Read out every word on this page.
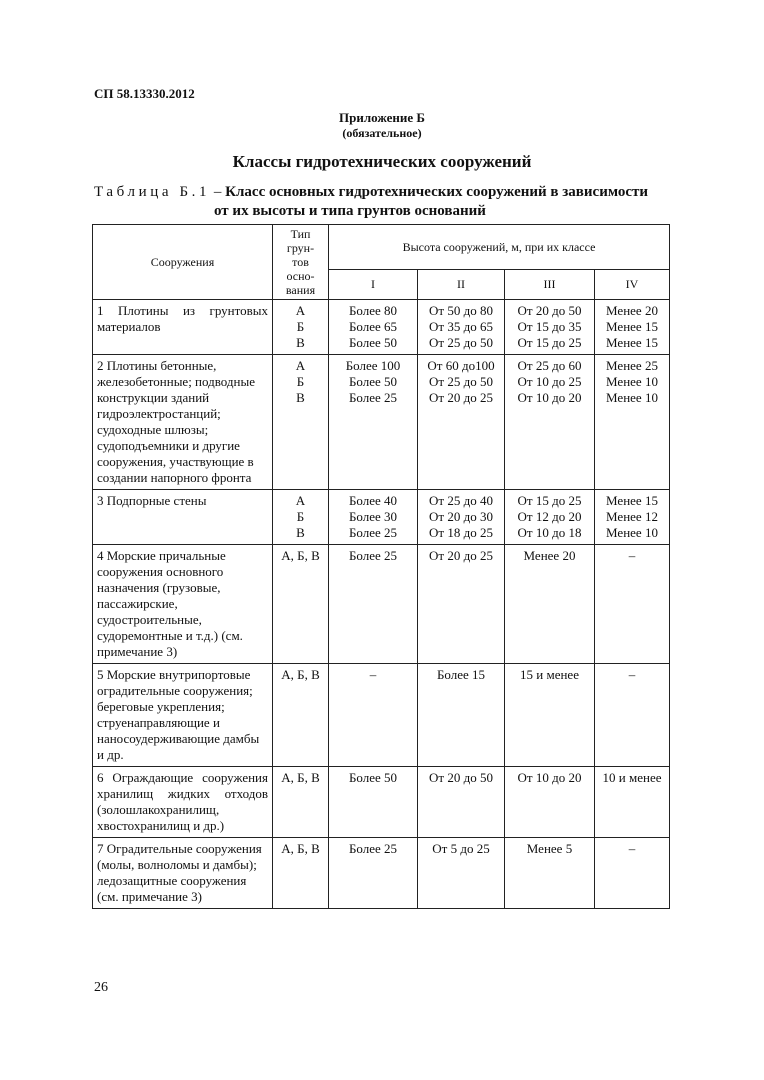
СП 58.13330.2012
Приложение Б
(обязательное)
Классы гидротехнических сооружений
Таблица Б.1 – Класс основных гидротехнических сооружений в зависимости
от их высоты и типа грунтов оснований
Сооружения	Тип грун-тов осно-вания	Высота сооружений, м, при их классе			
		I	II	III	IV
1 Плотины из грунтовых материалов	А
Б
В	Более 80
Более 65
Более 50	От 50 до 80
От 35 до 65
От 25 до 50	От 20 до 50
От 15 до 35
От 15 до 25	Менее 20
Менее 15
Менее 15
2 Плотины бетонные, железобетонные; подводные конструкции зданий гидроэлектростанций; судоходные шлюзы; судоподъемники и другие сооружения, участвующие в создании напорного фронта	А
Б
В	Более 100
Более 50
Более 25	От 60 до100
От 25 до 50
От 20 до 25	От 25 до 60
От 10 до 25
От 10 до 20	Менее 25
Менее 10
Менее 10
3 Подпорные стены	А
Б
В	Более 40
Более 30
Более 25	От 25 до 40
От 20 до 30
От 18 до 25	От 15 до 25
От 12 до 20
От 10 до 18	Менее 15
Менее 12
Менее 10
4 Морские причальные сооружения основного назначения (грузовые, пассажирские, судостроительные, судоремонтные и т.д.) (см. примечание 3)	А, Б, В	Более 25	От 20 до 25	Менее 20	–
5 Морские внутрипортовые оградительные сооружения; береговые укрепления; струенаправляющие и наносоудерживающие дамбы и др.	А, Б, В	–	Более 15	15 и менее	–
6 Ограждающие сооружения хранилищ жидких отходов (золошлакохранилищ, хвостохранилищ и др.)	А, Б, В	Более 50	От 20 до 50	От 10 до 20	10 и менее
7 Оградительные сооружения (молы, волноломы и дамбы); ледозащитные сооружения (см. примечание 3)	А, Б, В	Более 25	От 5 до 25	Менее 5	–
26
